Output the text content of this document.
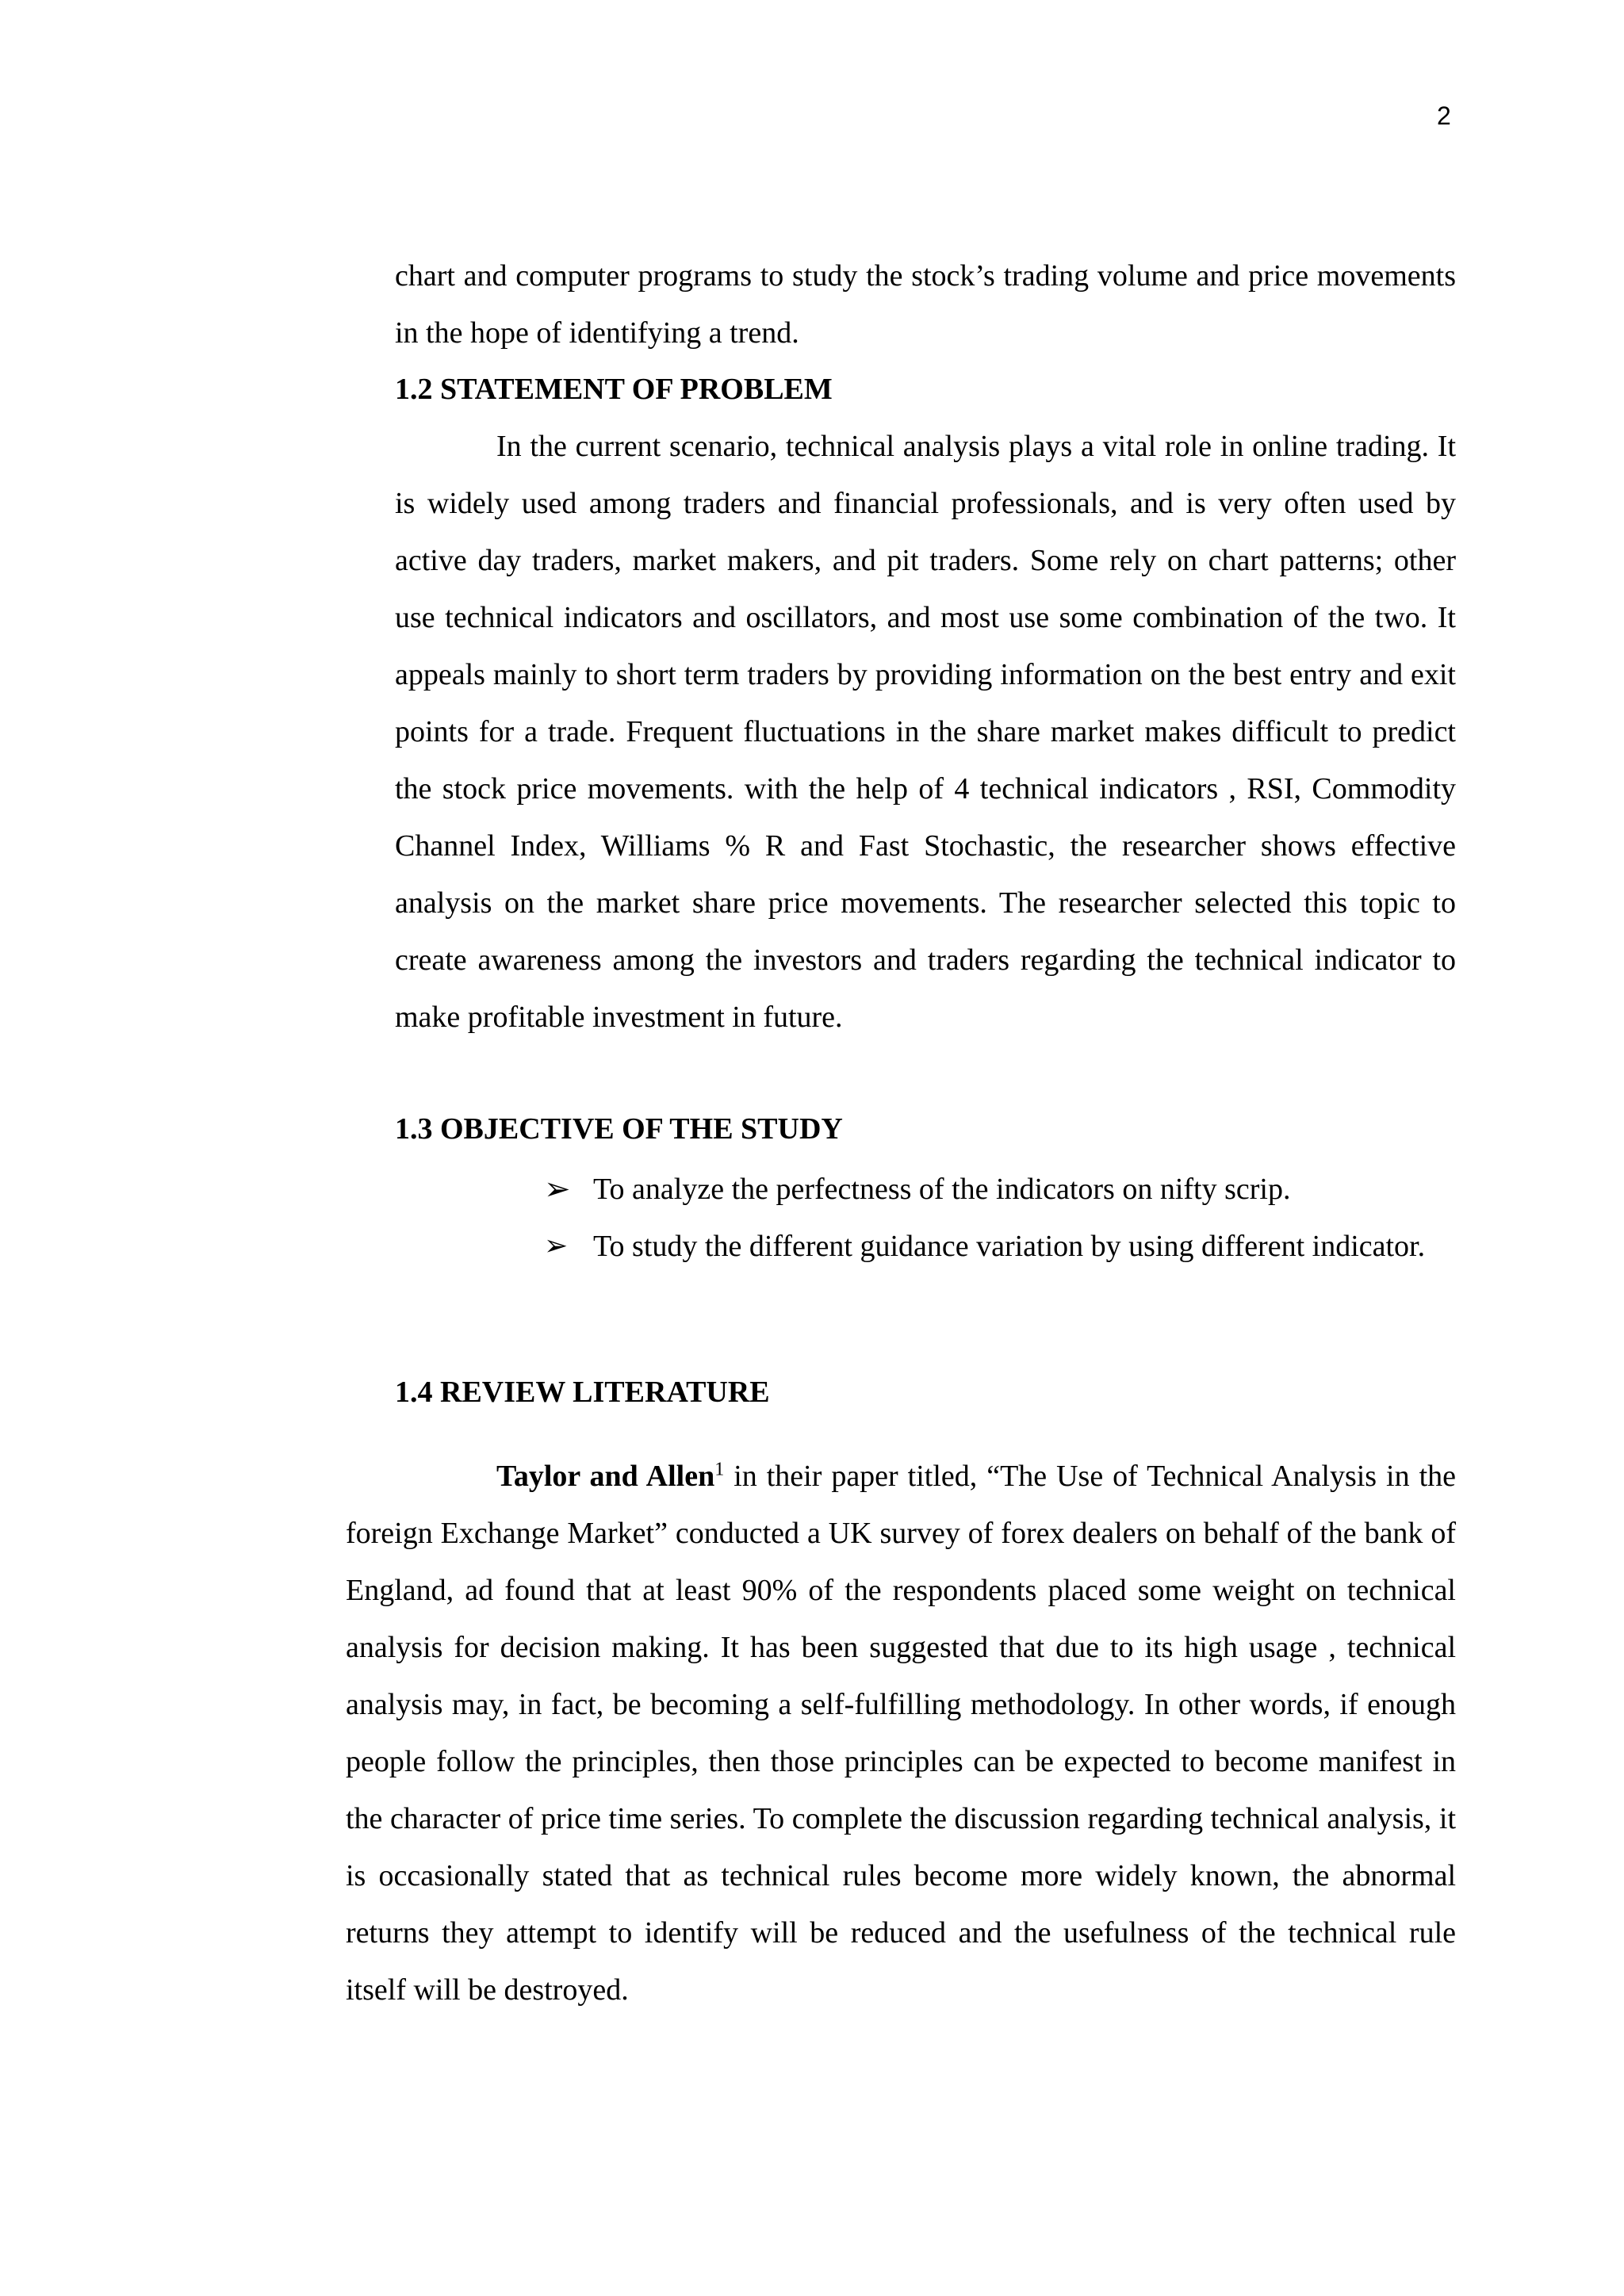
2

chart and computer programs to study the stock’s trading volume and price movements in the hope of identifying a trend.

1.2 STATEMENT OF PROBLEM

In the current scenario, technical analysis plays a vital role in online trading. It is widely used among traders and financial professionals, and is very often used by active day traders, market makers, and pit traders. Some rely on chart patterns; other use technical indicators and oscillators, and most use some combination of the two. It appeals mainly to short term traders by providing information on the best entry and exit points for a trade. Frequent fluctuations in the share market makes difficult to predict the stock price movements. with the help of 4 technical indicators , RSI, Commodity Channel Index, Williams % R and Fast Stochastic, the researcher shows effective analysis on the market share price movements. The researcher selected this topic to create awareness among the investors and traders regarding the technical indicator to make profitable investment in future.

1.3 OBJECTIVE OF THE STUDY
➢ To analyze the perfectness of the indicators on nifty scrip.
➢ To study the different guidance variation by using different indicator.
1.4 REVIEW LITERATURE

Taylor and Allen$^1$ in their paper titled, “The Use of Technical Analysis in the foreign Exchange Market” conducted a UK survey of forex dealers on behalf of the bank of England, ad found that at least 90% of the respondents placed some weight on technical analysis for decision making. It has been suggested that due to its high usage , technical analysis may, in fact, be becoming a self-fulfilling methodology. In other words, if enough people follow the principles, then those principles can be expected to become manifest in the character of price time series. To complete the discussion regarding technical analysis, it is occasionally stated that as technical rules become more widely known, the abnormal returns they attempt to identify will be reduced and the usefulness of the technical rule itself will be destroyed.
